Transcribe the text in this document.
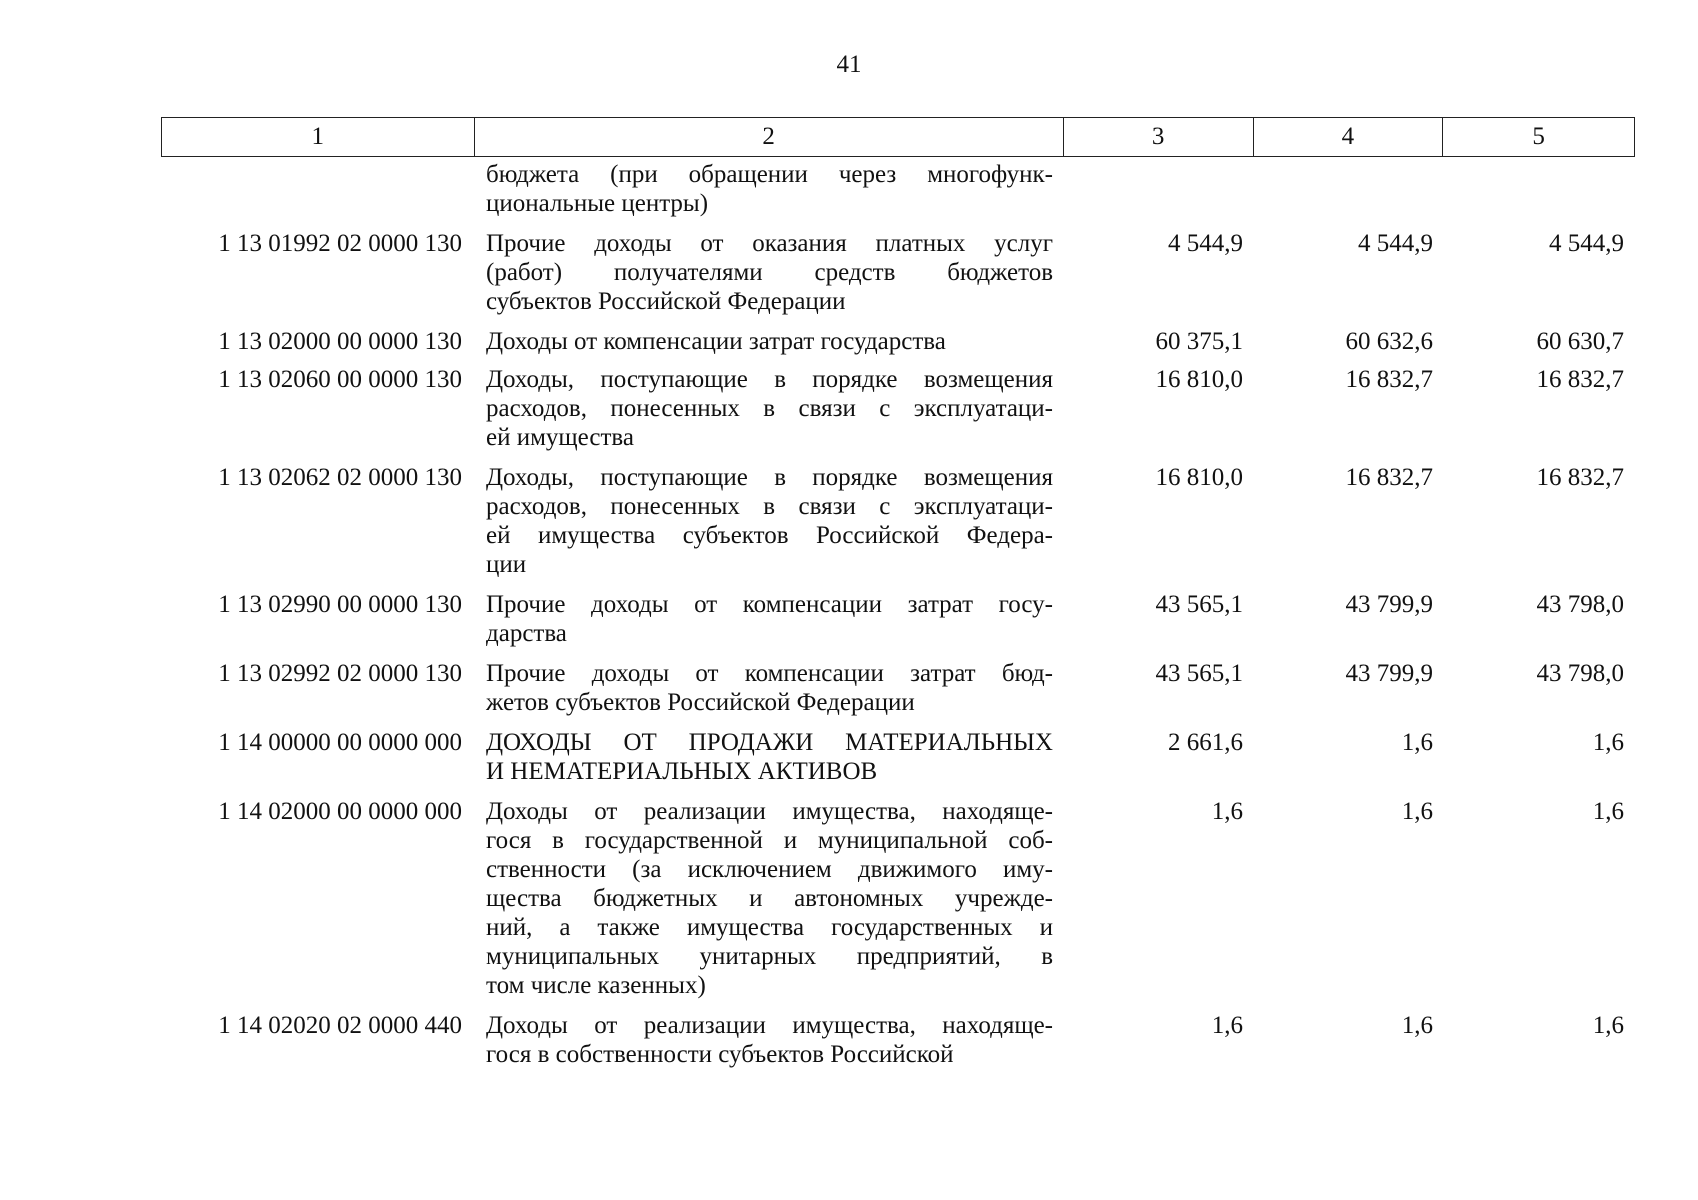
41
1	2	3	4	5
бюджета (при обращении через многофунк-
циональные центры)
1 13 01992 02 0000 130 Прочие доходы от оказания платных услуг
(работ) получателями средств бюджетов
субъектов Российской Федерации
4 544,9	4 544,9	4 544,9
1 13 02000 00 0000 130 Доходы от компенсации затрат государства	60 375,1	60 632,6	60 630,7
1 13 02060 00 0000 130 Доходы, поступающие в порядке возмещения
расходов, понесенных в связи с эксплуатаци-
ей имущества
16 810,0	16 832,7	16 832,7
1 13 02062 02 0000 130 Доходы, поступающие в порядке возмещения
расходов, понесенных в связи с эксплуатаци-
ей имущества субъектов Российской Федера-
ции
16 810,0	16 832,7	16 832,7
1 13 02990 00 0000 130 Прочие доходы от компенсации затрат госу-
дарства
43 565,1	43 799,9	43 798,0
1 13 02992 02 0000 130 Прочие доходы от компенсации затрат бюд-
жетов субъектов Российской Федерации
43 565,1	43 799,9	43 798,0
1 14 00000 00 0000 000 ДОХОДЫ ОТ ПРОДАЖИ МАТЕРИАЛЬНЫХ
И НЕМАТЕРИАЛЬНЫХ АКТИВОВ
2 661,6	1,6	1,6
1 14 02000 00 0000 000 Доходы от реализации имущества, находяще-
гося в государственной и муниципальной соб-
ственности (за исключением движимого иму-
щества бюджетных и автономных учрежде-
ний, а также имущества государственных и
муниципальных унитарных предприятий, в
том числе казенных)
1,6	1,6	1,6
1 14 02020 02 0000 440 Доходы от реализации имущества, находяще-
гося в собственности субъектов Российской
1,6	1,6	1,6
